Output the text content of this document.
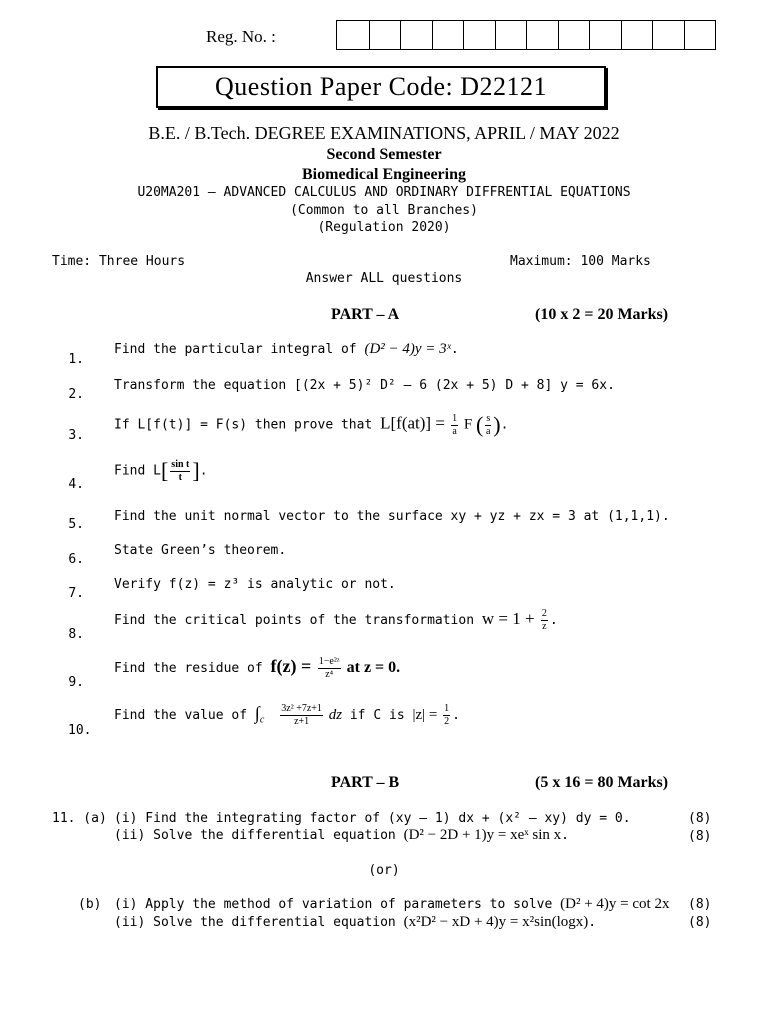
Reg. No. :
Question Paper Code: D22121
B.E. / B.Tech. DEGREE EXAMINATIONS, APRIL / MAY 2022
Second Semester
Biomedical Engineering
U20MA201 – ADVANCED CALCULUS AND ORDINARY DIFFRENTIAL EQUATIONS
(Common to all Branches)
(Regulation 2020)
Time: Three Hours	Maximum: 100 Marks
Answer ALL questions
PART – A	(10 x 2 = 20 Marks)
1.
Find the particular integral of (D² − 4)y = 3ˣ.
2.
Transform the equation [(2x + 5)² D² – 6 (2x + 5) D + 8] y = 6x.
3.
If L[f(t)] = F(s) then prove that $L[f(at)] = \frac{1}{a}$ F ( $\frac{s}{a}$ ).
4.
Find $L[ \frac{\text{sin t}}{t}$ ].
5.
Find the unit normal vector to the surface xy + yz + zx = 3 at (1,1,1).
6.
State Green’s theorem.
7.
Verify f(z) = z³ is analytic or not.
8.
Find the critical points of the transformation $w = 1 + \frac{2}{z}$ .
9.
Find the residue of $f(z) = \frac{\text{1−e²ᶻ}}{\text{z⁴}}$ at z = 0.
10.
Find the value of $\int_c \frac{\text{3z² +7z+1}}{z+1}$ dz if C is $|z| = \frac{1}{2}$ .
PART – B	(5 x 16 = 80 Marks)
11. (a) (i) Find the integrating factor of (xy – 1) dx + (x² – xy) dy = 0.	(8)
(ii) Solve the differential equation (D² − 2D + 1)y = xeˣ sin x.	(8)
(or)
(b) (i) Apply the method of variation of parameters to solve (D² + 4)y = cot 2x (8)
(ii) Solve the differential equation (x²D² − xD + 4)y = x²sin(logx).	(8)
